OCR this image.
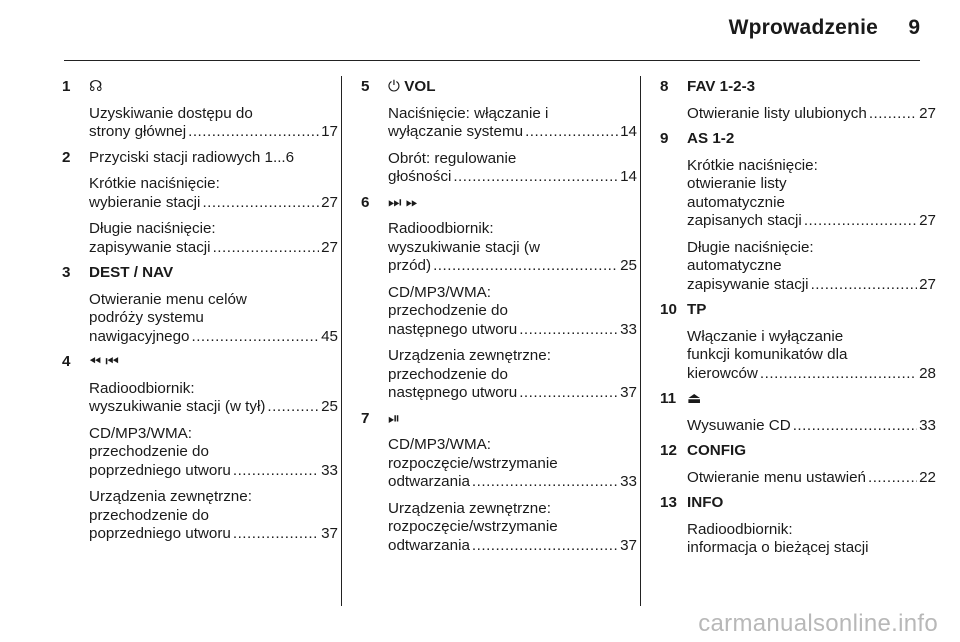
Wprowadzenie 9
1 ☊
Uzyskiwanie dostępu do
strony głównej .....	17
2 Przyciski stacji radiowych 1...6
Krótkie naciśnięcie:
wybieranie stacji .....	27
Długie naciśnięcie:
zapisywanie stacji .....	27
3 DEST / NAV
Otwieranie menu celów
podróży systemu
nawigacyjnego .....	45
4 ⏪︎ ⏮︎
Radioodbiornik:
wyszukiwanie stacji (w tył) .....	25
CD/MP3/WMA:
przechodzenie do
poprzedniego utworu .....	33
Urządzenia zewnętrzne:
przechodzenie do
poprzedniego utworu .....	37
5 ⏻ VOL
Naciśnięcie: włączanie i
wyłączanie systemu .....	14
Obrót: regulowanie
głośności .....	14
6 ⏭︎ ⏩︎
Radioodbiornik:
wyszukiwanie stacji (w
przód) .....	25
CD/MP3/WMA:
przechodzenie do
następnego utworu .....	33
Urządzenia zewnętrzne:
przechodzenie do
następnego utworu .....	37
7 ⏯︎
CD/MP3/WMA:
rozpoczęcie/wstrzymanie
odtwarzania .....	33
Urządzenia zewnętrzne:
rozpoczęcie/wstrzymanie
odtwarzania .....	37
8 FAV 1-2-3
Otwieranie listy ulubionych .....	27
9 AS 1-2
Krótkie naciśnięcie:
otwieranie listy
automatycznie
zapisanych stacji .....	27
Długie naciśnięcie:
automatyczne
zapisywanie stacji .....	27
10 TP
Włączanie i wyłączanie
funkcji komunikatów dla
kierowców .....	28
11 ⏏
Wysuwanie CD .....	33
12 CONFIG
Otwieranie menu ustawień .....	22
13 INFO
Radioodbiornik:
informacja o bieżącej stacji
carmanualsonline.info
